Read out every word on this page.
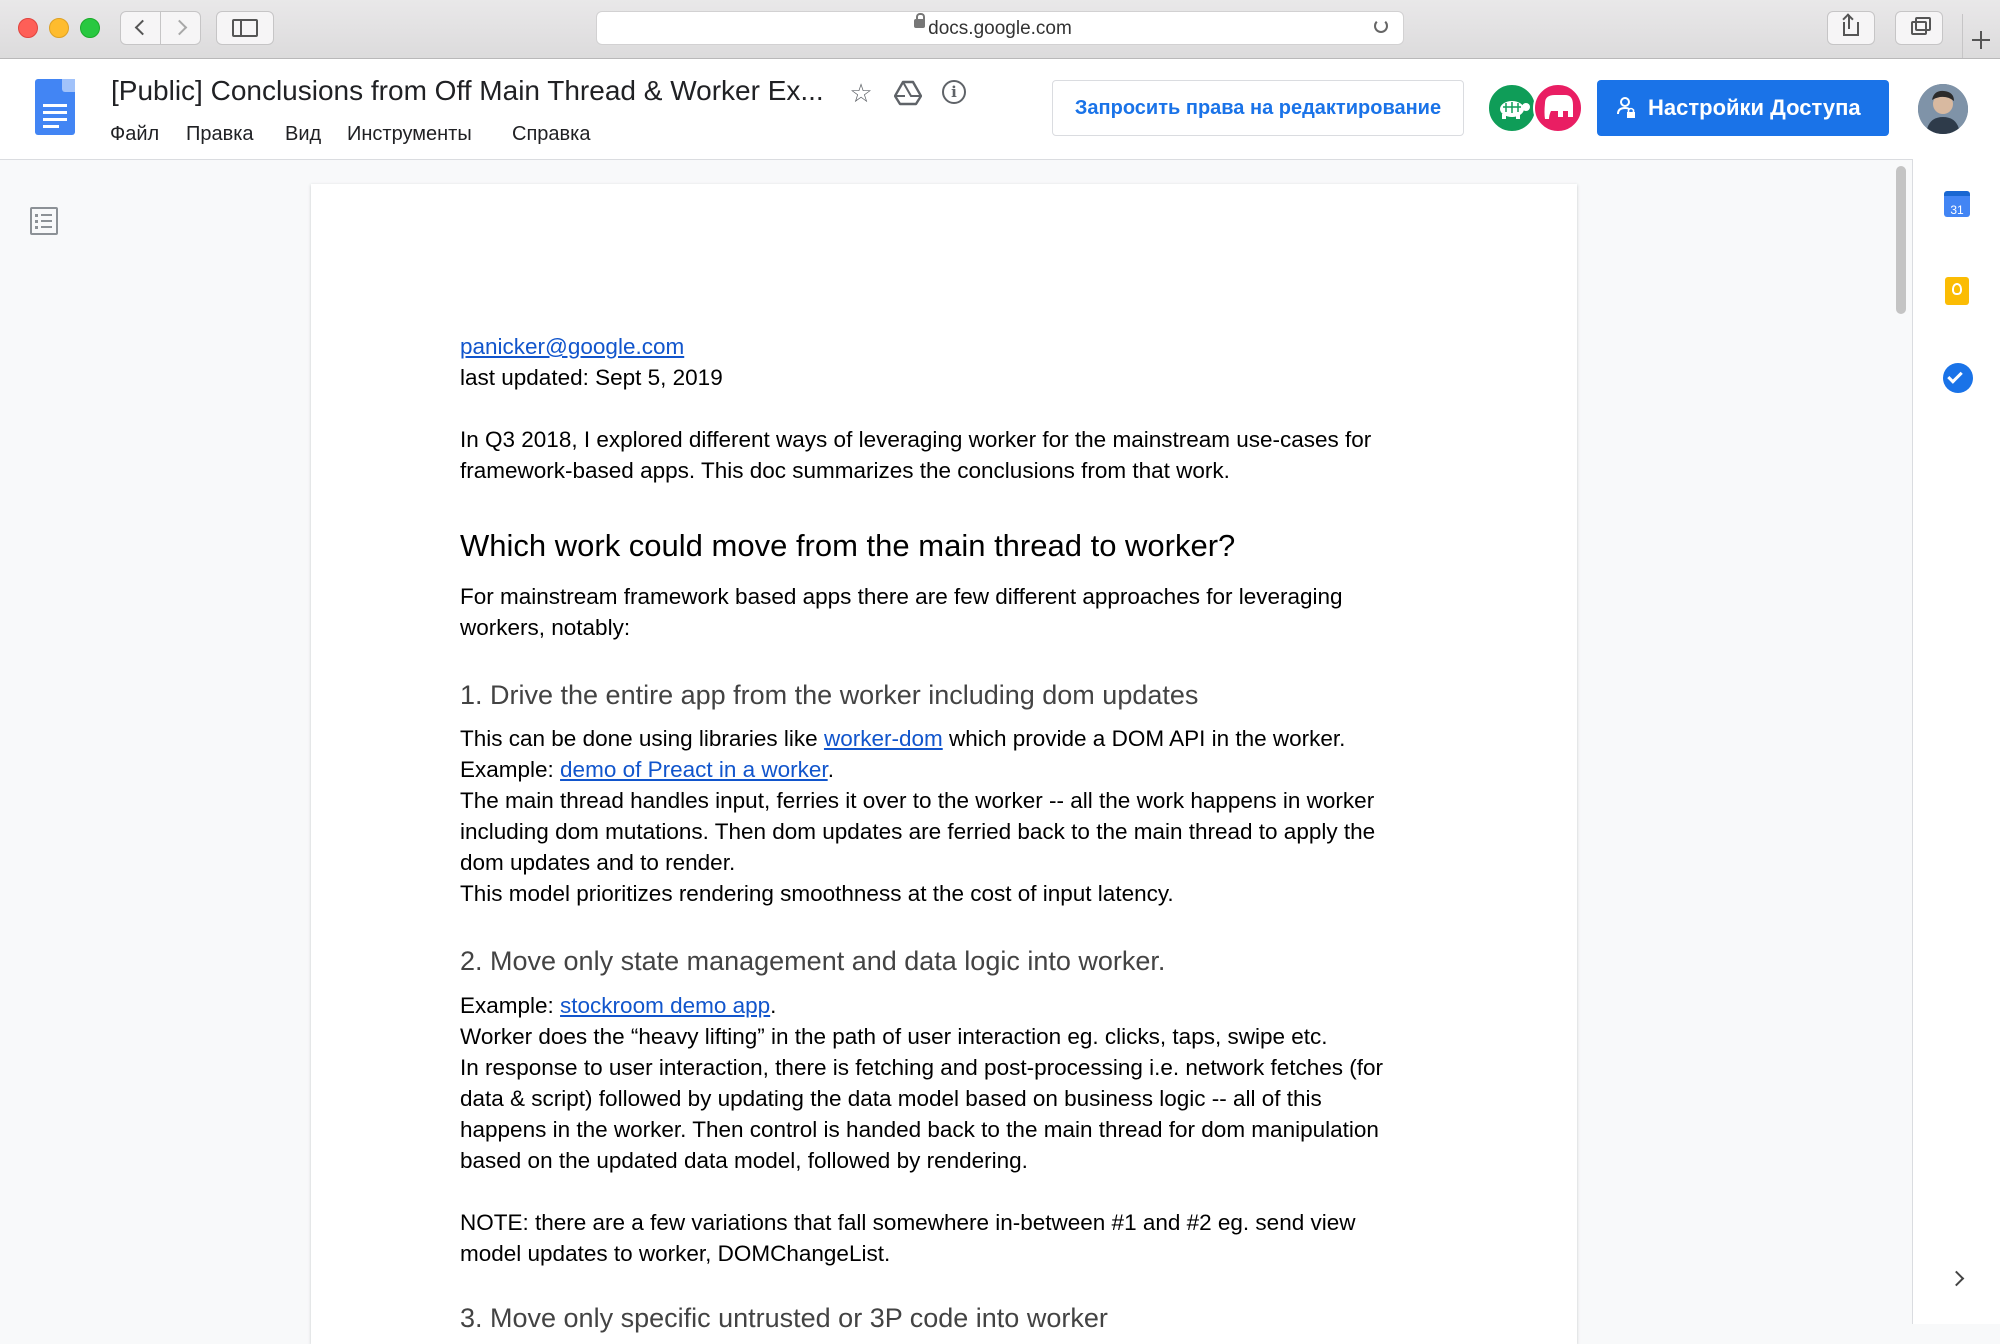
docs.google.com
[Public] Conclusions from Off Main Thread & Worker Ex... ☆	i
Файл Правка Вид Инструменты Справка
Запросить права на редактирование	Настройки Доступа
panicker@google.com
last updated: Sept 5, 2019
In Q3 2018, I explored different ways of leveraging worker for the mainstream use-cases for
framework-based apps. This doc summarizes the conclusions from that work.
Which work could move from the main thread to worker?
For mainstream framework based apps there are few different approaches for leveraging
workers, notably:
1. Drive the entire app from the worker including dom updates
This can be done using libraries like worker-dom which provide a DOM API in the worker.
Example: demo of Preact in a worker.
The main thread handles input, ferries it over to the worker -- all the work happens in worker
including dom mutations. Then dom updates are ferried back to the main thread to apply the
dom updates and to render.
This model prioritizes rendering smoothness at the cost of input latency.
2. Move only state management and data logic into worker.
Example: stockroom demo app.
Worker does the “heavy lifting” in the path of user interaction eg. clicks, taps, swipe etc.
In response to user interaction, there is fetching and post-processing i.e. network fetches (for
data & script) followed by updating the data model based on business logic -- all of this
happens in the worker. Then control is handed back to the main thread for dom manipulation
based on the updated data model, followed by rendering.
NOTE: there are a few variations that fall somewhere in-between #1 and #2 eg. send view
model updates to worker, DOMChangeList.
3. Move only specific untrusted or 3P code into worker
31
